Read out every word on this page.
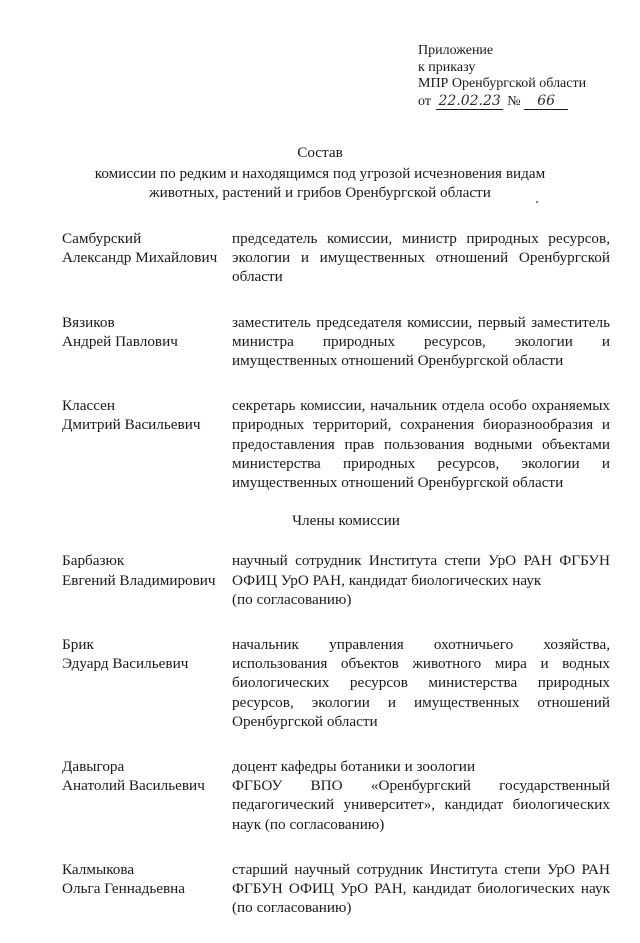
Приложение
к приказу
МПР Оренбургской области
от 22.02.23 № 66
Состав
комиссии по редким и находящимся под угрозой исчезновения видам
животных, растений и грибов Оренбургской области
Самбурский
Александр Михайлович
председатель комиссии, министр природных ресурсов, экологии и имущественных отношений Оренбургской области
Вязиков
Андрей Павлович
заместитель председателя комиссии, первый заместитель министра природных ресурсов, экологии и имущественных отношений Оренбургской области
Классен
Дмитрий Васильевич
секретарь комиссии, начальник отдела особо охраняемых природных территорий, сохранения биоразнообразия и предоставления прав пользования водными объектами министерства природных ресурсов, экологии и имущественных отношений Оренбургской области
Члены комиссии
Барбазюк
Евгений Владимирович
научный сотрудник Института степи УрО РАН ФГБУН
ОФИЦ УрО РАН, кандидат биологических наук
(по согласованию)
Брик
Эдуард Васильевич
начальник управления охотничьего хозяйства, использования объектов животного мира и водных биологических ресурсов министерства природных ресурсов, экологии и имущественных отношений Оренбургской области
Давыгора
Анатолий Васильевич
доцент кафедры ботаники и зоологии
ФГБОУ ВПО «Оренбургский государственный педагогический университет», кандидат биологических наук (по согласованию)
Калмыкова
Ольга Геннадьевна
старший научный сотрудник Института степи УрО РАН ФГБУН ОФИЦ УрО РАН, кандидат биологических наук (по согласованию)
